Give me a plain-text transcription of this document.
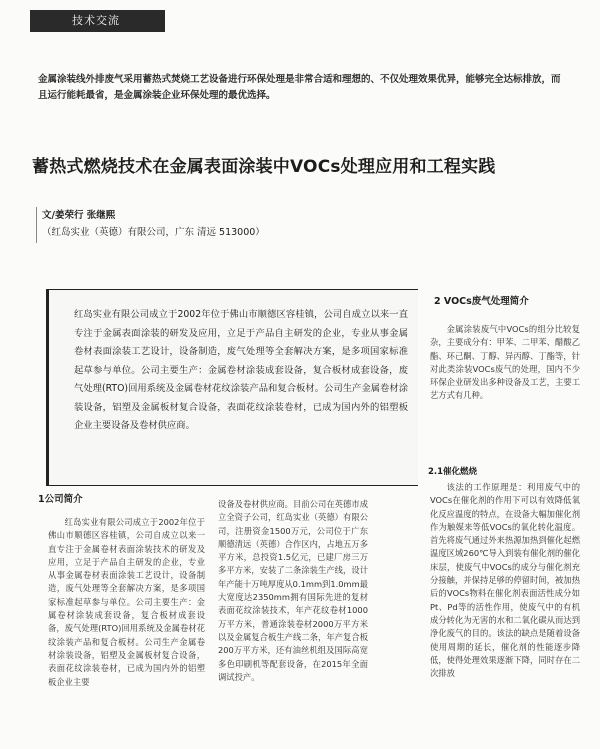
技术交流
金属涂装线外排废气采用蓄热式焚烧工艺设备进行环保处理是非常合适和理想的、不仅处理效果优异，能够完全达标排放，而且运行能耗最省，是金属涂装企业环保处理的最优选择。
蓄热式燃烧技术在金属表面涂装中VOCs处理应用和工程实践
文/姜荣行 张继熙
（红岛实业（英德）有限公司，广东 清远 513000）
红岛实业有限公司成立于2002年位于佛山市顺德区容桂镇，公司自成立以来一直专注于金属表面涂装的研发及应用，立足于产品自主研发的企业，专业从事金属卷材表面涂装工艺设计，设备制造，废气处理等全套解决方案，是多项国家标准起草参与单位。公司主要生产：金属卷材涂装成套设备，复合板材成套设备，废气处理(RTO)回用系统及金属卷材花纹涂装产品和复合板材。公司生产金属卷材涂装设备，铝塑及金属板材复合设备，表面花纹涂装卷材，已成为国内外的铝塑板企业主要设备及卷材供应商。
2 VOCs废气处理简介

金属涂装废气中VOCs的组分比较复杂，主要成分有：甲苯、二甲苯、醋酸乙酯、环己酮、丁醇、异丙醇、丁酯等，针对此类涂装VOCs废气的处理，国内不少环保企业研发出多种设备及工艺，主要工艺方式有几种。

2.1催化燃烧

该法的工作原理是：利用废气中的VOCs在催化剂的作用下可以有效降低氧化反应温度的特点，在设备大幅加催化剂作为触媒来等低VOCs的氧化转化温度。首先将废气通过外来热源加热到催化起燃温度区域260℃导入到装有催化剂的催化床层，使废气中VOCs的成分与催化剂充分接触，并保持足够的停留时间，被加热后的VOCs物料在催化剂表面活性成分如Pt、Pd等的活性作用，使废气中的有机成分转化为无害的水和二氧化碳从而达到净化废气的目的。该法的缺点是随着设备使用周期的延长，催化剂的性能逐步降低，使得处理效果逐渐下降，同时存在二次排放

1公司简介

红岛实业有限公司成立于2002年位于佛山市顺德区容桂镇，公司自成立以来一直专注于金属卷材表面涂装技术的研发及应用，立足于产品自主研发的企业，专业从事金属卷材表面涂装工艺设计，设备制造，废气处理等全套解决方案，是多项国家标准起草参与单位。公司主要生产：金属卷材涂装成套设备，复合板材成套设备，废气处理(RTO)回用系统及金属卷材花纹涂装产品和复合板材。公司生产金属卷材涂装设备，铝塑及金属板材复合设备，表面花纹涂装卷材，已成为国内外的铝塑板企业主要

设备及卷材供应商。目前公司在英德市成立全资子公司，红岛实业（英德）有限公司，注册资金1500万元，公司位于广东顺德清远（英德）合作区内，占地五万多平方米，总投资1.5亿元，已建厂房三万多平方米，安装了二条涂装生产线，设计年产能十万吨厚度从0.1mm到1.0mm最大宽度达2350mm拥有国际先进的复材表面花纹涂装技术，年产花纹卷材1000万平方米，普通涂装卷材2000万平方米以及金属复合板生产线二条，年产复合板200万平方米，还有油丝机组及国际高宽多色印刷机等配套设备，在2015年全面调试投产。
